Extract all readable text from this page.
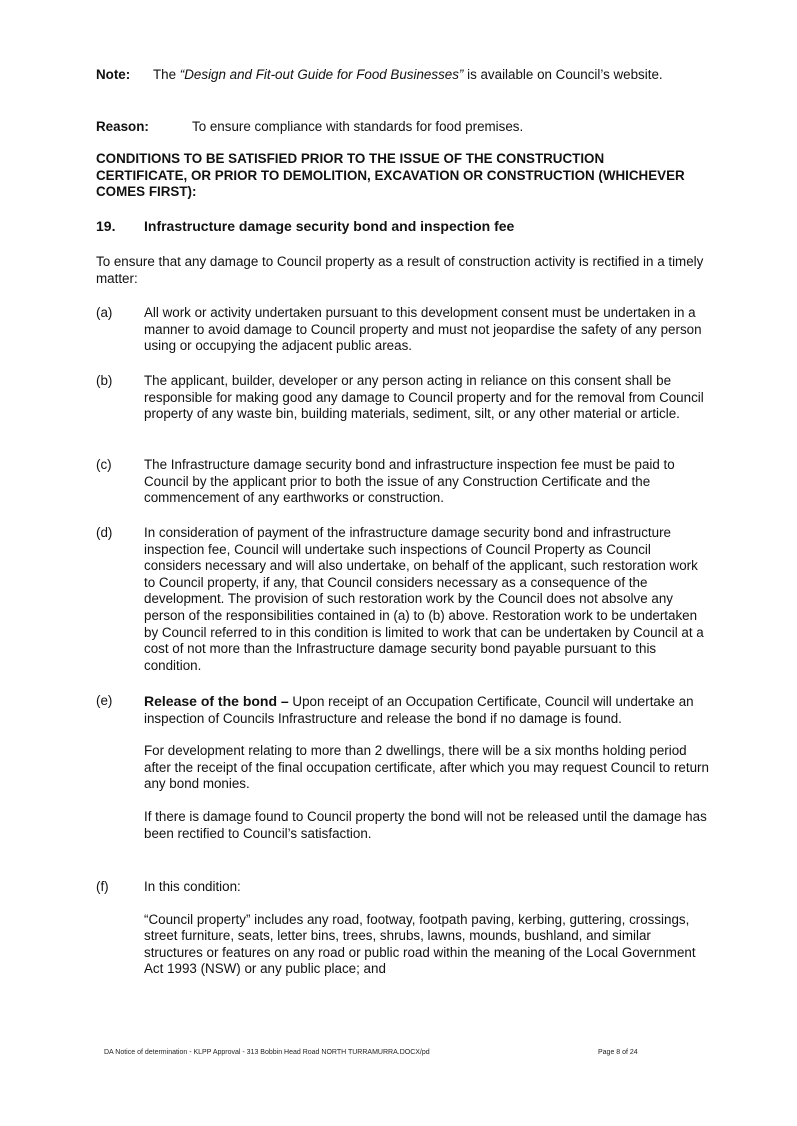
Note: The “Design and Fit-out Guide for Food Businesses” is available on Council’s website.
Reason:	To ensure compliance with standards for food premises.
CONDITIONS TO BE SATISFIED PRIOR TO THE ISSUE OF THE CONSTRUCTION CERTIFICATE, OR PRIOR TO DEMOLITION, EXCAVATION OR CONSTRUCTION (WHICHEVER COMES FIRST):
19. Infrastructure damage security bond and inspection fee
To ensure that any damage to Council property as a result of construction activity is rectified in a timely matter:
(a) All work or activity undertaken pursuant to this development consent must be undertaken in a manner to avoid damage to Council property and must not jeopardise the safety of any person using or occupying the adjacent public areas.
(b) The applicant, builder, developer or any person acting in reliance on this consent shall be responsible for making good any damage to Council property and for the removal from Council property of any waste bin, building materials, sediment, silt, or any other material or article.
(c) The Infrastructure damage security bond and infrastructure inspection fee must be paid to Council by the applicant prior to both the issue of any Construction Certificate and the commencement of any earthworks or construction.
(d) In consideration of payment of the infrastructure damage security bond and infrastructure inspection fee, Council will undertake such inspections of Council Property as Council considers necessary and will also undertake, on behalf of the applicant, such restoration work to Council property, if any, that Council considers necessary as a consequence of the development. The provision of such restoration work by the Council does not absolve any person of the responsibilities contained in (a) to (b) above. Restoration work to be undertaken by Council referred to in this condition is limited to work that can be undertaken by Council at a cost of not more than the Infrastructure damage security bond payable pursuant to this condition.
(e) Release of the bond – Upon receipt of an Occupation Certificate, Council will undertake an inspection of Councils Infrastructure and release the bond if no damage is found.

For development relating to more than 2 dwellings, there will be a six months holding period after the receipt of the final occupation certificate, after which you may request Council to return any bond monies.

If there is damage found to Council property the bond will not be released until the damage has been rectified to Council’s satisfaction.

(f)	In this condition:

“Council property” includes any road, footway, footpath paving, kerbing, guttering, crossings, street furniture, seats, letter bins, trees, shrubs, lawns, mounds, bushland, and similar structures or features on any road or public road within the meaning of the Local Government Act 1993 (NSW) or any public place; and

DA Notice of determination - KLPP Approval - 313 Bobbin Head Road NORTH TURRAMURRA.DOCX/pd	Page 8 of 24
